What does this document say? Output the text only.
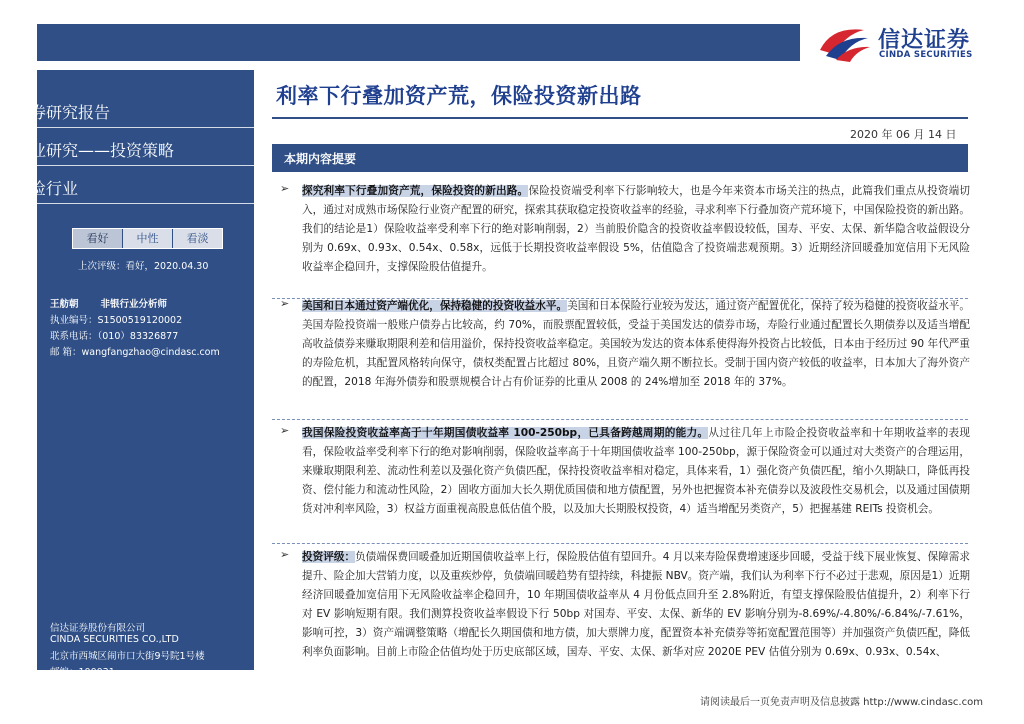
信达证券
CINDA SECURITIES
证券研究报告
行业研究——投资策略
保险行业
看好	中性	看淡
上次评级：看好，2020.04.30
王舫朝 非银行业分析师
执业编号：S1500519120002
联系电话：（010）83326877
邮 箱：wangfangzhao@cindasc.com
信达证券股份有限公司
CINDA SECURITIES CO.,LTD
北京市西城区闹市口大街9号院1号楼
邮编：100031
利率下行叠加资产荒，保险投资新出路
2020 年 06 月 14 日
本期内容提要
➢ 探究利率下行叠加资产荒，保险投资的新出路。保险投资端受利率下行影响较大，也是今年来资本市场关注的热点，此篇我们重点从投资端切入，通过对成熟市场保险行业资产配置的研究，探索其获取稳定投资收益率的经验，寻求利率下行叠加资产荒环境下，中国保险投资的新出路。我们的结论是1）保险收益率受利率下行的绝对影响削弱，2）当前股价隐含的投资收益率假设较低，国寿、平安、太保、新华隐含收益假设分别为 0.69x、0.93x、0.54x、0.58x，远低于长期投资收益率假设 5%，估值隐含了投资端悲观预期。3）近期经济回暖叠加宽信用下无风险收益率企稳回升，支撑保险股估值提升。

➢ 美国和日本通过资产端优化，保持稳健的投资收益水平。美国和日本保险行业较为发达，通过资产配置优化，保持了较为稳健的投资收益水平。美国寿险投资端一般账户债券占比较高，约 70%，而股票配置较低，受益于美国发达的债券市场，寿险行业通过配置长久期债券以及适当增配高收益债券来赚取期限利差和信用溢价，保持投资收益率稳定。美国较为发达的资本体系使得海外投资占比较低，日本由于经历过 90 年代严重的寿险危机，其配置风格转向保守，债权类配置占比超过 80%，且资产端久期不断拉长。受制于国内资产较低的收益率，日本加大了海外资产的配置，2018 年海外债券和股票规模合计占有价证券的比重从 2008 的 24%增加至 2018 年的 37%。

➢ 我国保险投资收益率高于十年期国债收益率 100-250bp，已具备跨越周期的能力。从过往几年上市险企投资收益率和十年期收益率的表现看，保险收益率受利率下行的绝对影响削弱，保险收益率高于十年期国债收益率 100-250bp，源于保险资金可以通过对大类资产的合理运用，来赚取期限利差、流动性利差以及强化资产负债匹配，保持投资收益率相对稳定，具体来看，1）强化资产负债匹配，缩小久期缺口，降低再投资、偿付能力和流动性风险，2）固收方面加大长久期优质国债和地方债配置，另外也把握资本补充债券以及波段性交易机会，以及通过国债期货对冲利率风险，3）权益方面重视高股息低估值个股，以及加大长期股权投资，4）适当增配另类资产，5）把握基建 REITs 投资机会。

➢ 投资评级：负债端保费回暖叠加近期国债收益率上行，保险股估值有望回升。4 月以来寿险保费增速逐步回暖，受益于线下展业恢复、保障需求提升、险企加大营销力度，以及重疾炒停，负债端回暖趋势有望持续，科捷振 NBV。资产端，我们认为利率下行不必过于悲观，原因是1）近期经济回暖叠加宽信用下无风险收益率企稳回升，10 年期国债收益率从 4 月份低点回升至 2.8%附近，有望支撑保险股估值提升，2）利率下行对 EV 影响短期有限。我们测算投资收益率假设下行 50bp 对国寿、平安、太保、新华的 EV 影响分别为-8.69%/-4.80%/-6.84%/-7.61%，影响可控，3）资产端调整策略（增配长久期国债和地方债，加大票牌力度，配置资本补充债券等拓宽配置范围等）并加强资产负债匹配，降低利率负面影响。目前上市险企估值均处于历史底部区域，国寿、平安、太保、新华对应 2020E PEV 估值分别为 0.69x、0.93x、0.54x、

请阅读最后一页免责声明及信息披露 http://www.cindasc.com
